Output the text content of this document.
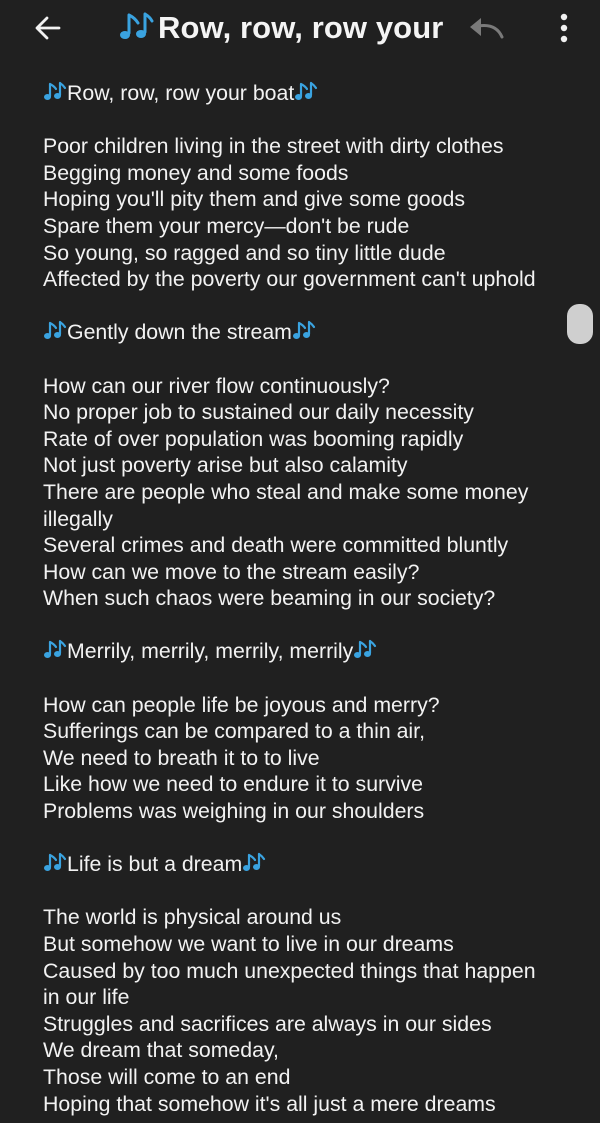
Row, row, row your
Row, row, row your boat
Poor children living in the street with dirty clothes
Begging money and some foods
Hoping you'll pity them and give some goods
Spare them your mercy—don't be rude
So young, so ragged and so tiny little dude
Affected by the poverty our government can't uphold
Gently down the stream
How can our river flow continuously?
No proper job to sustained our daily necessity
Rate of over population was booming rapidly
Not just poverty arise but also calamity
There are people who steal and make some money
illegally
Several crimes and death were committed bluntly
How can we move to the stream easily?
When such chaos were beaming in our society?
Merrily, merrily, merrily, merrily
How can people life be joyous and merry?
Sufferings can be compared to a thin air,
We need to breath it to to live
Like how we need to endure it to survive
Problems was weighing in our shoulders
Life is but a dream
The world is physical around us
But somehow we want to live in our dreams
Caused by too much unexpected things that happen
in our life
Struggles and sacrifices are always in our sides
We dream that someday,
Those will come to an end
Hoping that somehow it's all just a mere dreams
